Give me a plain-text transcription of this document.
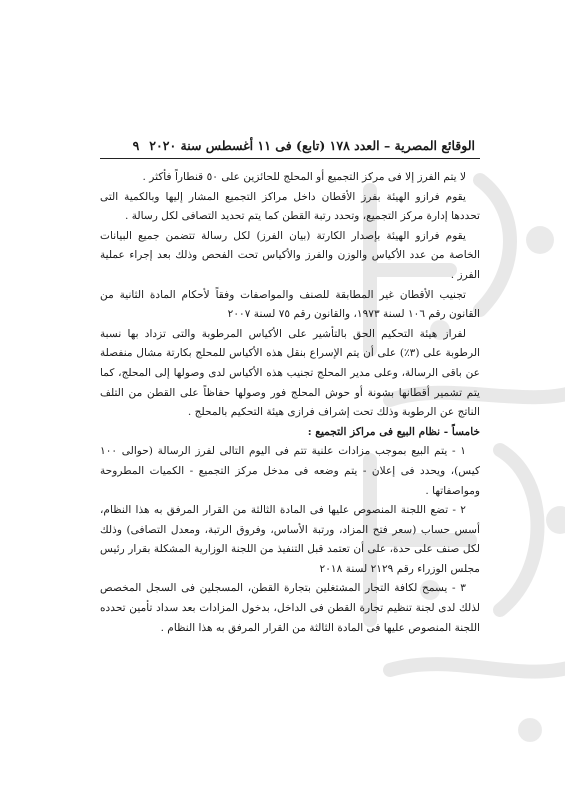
الوقائع المصرية – العدد ١٧٨ (تابع) فى ١١ أغسطس سنة ٢٠٢٠
٩

لا يتم الفرز إلا فى مركز التجميع أو المحلج للحائزين على ٥٠ قنطاراً فأكثر .

يقوم فرازو الهيئة بفرز الأقطان داخل مراكز التجميع المشار إليها وبالكمية التى تحددها إدارة مركز التجميع، وتحدد رتبة القطن كما يتم تحديد التصافى لكل رسالة .

يقوم فرازو الهيئة بإصدار الكارتة (بيان الفرز) لكل رسالة تتضمن جميع البيانات الخاصة من عدد الأكياس والوزن والفرز والأكياس تحت الفحص وذلك بعد إجراء عملية الفرز .

تجنيب الأقطان غير المطابقة للصنف والمواصفات وفقاً لأحكام المادة الثانية من القانون رقم ١٠٦ لسنة ١٩٧٣، والقانون رقم ٧٥ لسنة ٢٠٠٧

لفراز هيئة التحكيم الحق بالتأشير على الأكياس المرطوبة والتى تزداد بها نسبة الرطوبة على (٣٪) على أن يتم الإسراع بنقل هذه الأكياس للمحلج بكارتة مشال منفصلة عن باقى الرسالة، وعلى مدير المحلج تجنيب هذه الأكياس لدى وصولها إلى المحلج، كما يتم تشمير أقطانها بشونة أو حوش المحلج فور وصولها حفاظاً على القطن من التلف الناتج عن الرطوبة وذلك تحت إشراف فرازى هيئة التحكيم بالمحلج .

خامساً - نظام البيع فى مراكز التجميع :

١ - يتم البيع بموجب مزادات علنية تتم فى اليوم التالى لفرز الرسالة (حوالى ١٠٠ كيس)، ويحدد فى إعلان - يتم وضعه فى مدخل مركز التجميع - الكميات المطروحة ومواصفاتها .

٢ - تضع اللجنة المنصوص عليها فى المادة الثالثة من القرار المرفق به هذا النظام، أسس حساب (سعر فتح المزاد، ورتبة الأساس، وفروق الرتبة، ومعدل التصافى) وذلك لكل صنف على حدة، على أن تعتمد قبل التنفيذ من اللجنة الوزارية المشكلة بقرار رئيس مجلس الوزراء رقم ٢١٢٩ لسنة ٢٠١٨

٣ - يسمح لكافة التجار المشتغلين بتجارة القطن، المسجلين فى السجل المخصص لذلك لدى لجنة تنظيم تجارة القطن فى الداخل، بدخول المزادات بعد سداد تأمين تحدده اللجنة المنصوص عليها فى المادة الثالثة من القرار المرفق به هذا النظام .
